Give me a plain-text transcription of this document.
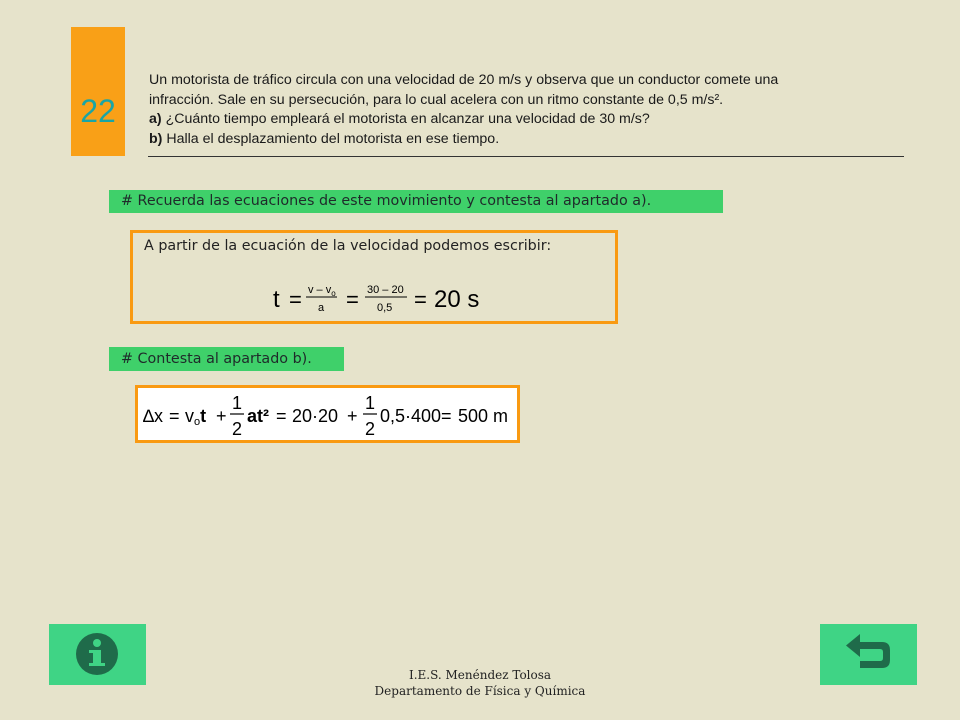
22
Un motorista de tráfico circula con una velocidad de 20 m/s y observa que un conductor comete una
infracción. Sale en su persecución, para lo cual acelera con un ritmo constante de 0,5 m/s².
a) ¿Cuánto tiempo empleará el motorista en alcanzar una velocidad de 30 m/s?
b) Halla el desplazamiento del motorista en ese tiempo.
# Recuerda las ecuaciones de este movimiento y contesta al apartado a).
A partir de la ecuación de la velocidad podemos escribir:
$t = v - v_o$
a = 30 – 20
0,5 = 20 s
# Contesta al apartado b).
∆x = vot +
1
2
at² = 20·20 +
1
2
0,5·400 = 500 m
I.E.S. Menéndez Tolosa
Departamento de Física y Química
